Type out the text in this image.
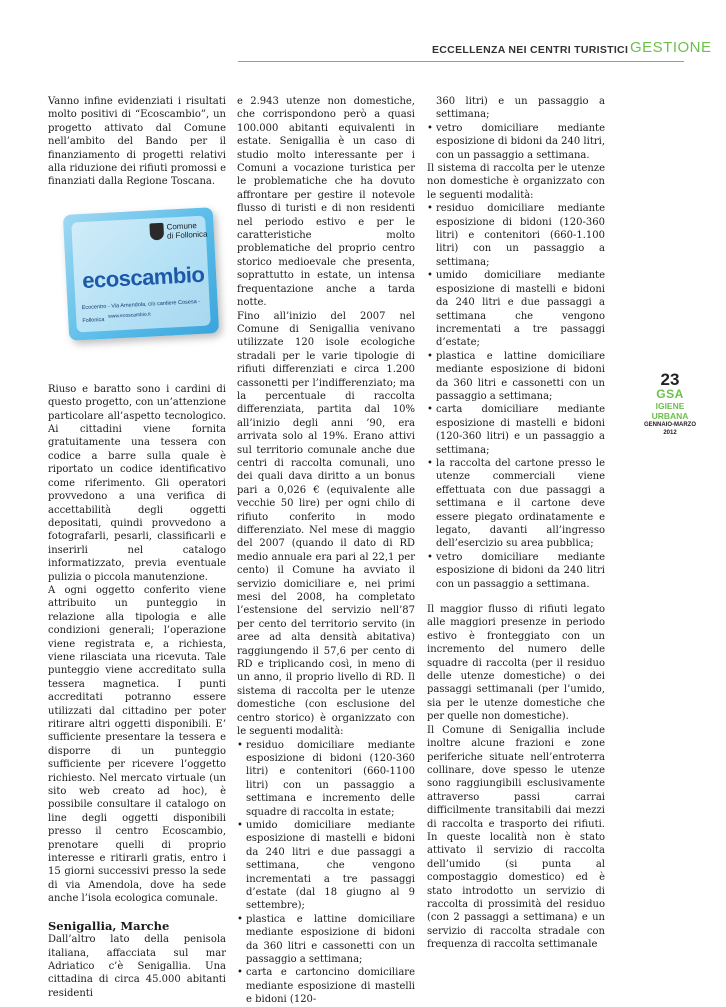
ECCELLENZA NEI CENTRI TURISTICI GESTIONE

Vanno infine evidenziati i risultati molto positivi di “Ecoscambio”, un progetto attivato dal Comune nell’ambito del Bando per il finanziamento di progetti relativi alla riduzione dei rifiuti promossi e finanziati dalla Regione Toscana.

Comune
di Follonica
ecoscambio
Ecocentro - Via Amendola, c/o cantiere Cosesa - Follonica
www.ecoscambio.it

Riuso e baratto sono i cardini di questo progetto, con un’attenzione particolare all’aspetto tecnologico. Ai cittadini viene fornita gratuitamente una tessera con codice a barre sulla quale è riportato un codice identificativo come riferimento. Gli operatori provvedono a una verifica di accettabilità degli oggetti depositati, quindi provvedono a fotografarli, pesarli, classificarli e inserirli nel catalogo informatizzato, previa eventuale pulizia o piccola manutenzione.

A ogni oggetto conferito viene attribuito un punteggio in relazione alla tipologia e alle condizioni generali; l’operazione viene registrata e, a richiesta, viene rilasciata una ricevuta. Tale punteggio viene accreditato sulla tessera magnetica. I punti accreditati potranno essere utilizzati dal cittadino per poter ritirare altri oggetti disponibili. E’ sufficiente presentare la tessera e disporre di un punteggio sufficiente per ricevere l’oggetto richiesto. Nel mercato virtuale (un sito web creato ad hoc), è possibile consultare il catalogo on line degli oggetti disponibili presso il centro Ecoscambio, prenotare quelli di proprio interesse e ritirarli gratis, entro i 15 giorni successivi presso la sede di via Amendola, dove ha sede anche l’isola ecologica comunale.

Senigallia, Marche

Dall’altro lato della penisola italiana, affacciata sul mar Adriatico c’è Senigallia. Una cittadina di circa 45.000 abitanti residenti

e 2.943 utenze non domestiche, che corrispondono però a quasi 100.000 abitanti equivalenti in estate. Senigallia è un caso di studio molto interessante per i Comuni a vocazione turistica per le problematiche che ha dovuto affrontare per gestire il notevole flusso di turisti e di non residenti nel periodo estivo e per le caratteristiche molto problematiche del proprio centro storico medioevale che presenta, soprattutto in estate, un intensa frequentazione anche a tarda notte.

Fino all’inizio del 2007 nel Comune di Senigallia venivano utilizzate 120 isole ecologiche stradali per le varie tipologie di rifiuti differenziati e circa 1.200 cassonetti per l’indifferenziato; ma la percentuale di raccolta differenziata, partita dal 10% all’inizio degli anni ’90, era arrivata solo al 19%. Erano attivi sul territorio comunale anche due centri di raccolta comunali, uno dei quali dava diritto a un bonus pari a 0,026 € (equivalente alle vecchie 50 lire) per ogni chilo di rifiuto conferito in modo differenziato. Nel mese di maggio del 2007 (quando il dato di RD medio annuale era pari al 22,1 per cento) il Comune ha avviato il servizio domiciliare e, nei primi mesi del 2008, ha completato l’estensione del servizio nell’87 per cento del territorio servito (in aree ad alta densità abitativa) raggiungendo il 57,6 per cento di RD e triplicando così, in meno di un anno, il proprio livello di RD. Il sistema di raccolta per le utenze domestiche (con esclusione del centro storico) è organizzato con le seguenti modalità:

• residuo domiciliare mediante esposizione di bidoni (120-360 litri) e contenitori (660-1100 litri) con un passaggio a settimana e incremento delle squadre di raccolta in estate;
• umido domiciliare mediante esposizione di mastelli e bidoni da 240 litri e due passaggi a settimana, che vengono incrementati a tre passaggi d’estate (dal 18 giugno al 9 settembre);
• plastica e lattine domiciliare mediante esposizione di bidoni da 360 litri e cassonetti con un passaggio a settimana;
• carta e cartoncino domiciliare mediante esposizione di mastelli e bidoni (120-

360 litri) e un passaggio a settimana;

• vetro domiciliare mediante esposizione di bidoni da 240 litri, con un passaggio a settimana.

Il sistema di raccolta per le utenze non domestiche è organizzato con le seguenti modalità:

• residuo domiciliare mediante esposizione di bidoni (120-360 litri) e contenitori (660-1.100 litri) con un passaggio a settimana;
• umido domiciliare mediante esposizione di mastelli e bidoni da 240 litri e due passaggi a settimana che vengono incrementati a tre passaggi d’estate;
• plastica e lattine domiciliare mediante esposizione di bidoni da 360 litri e cassonetti con un passaggio a settimana;
• carta domiciliare mediante esposizione di mastelli e bidoni (120-360 litri) e un passaggio a settimana;
• la raccolta del cartone presso le utenze commerciali viene effettuata con due passaggi a settimana e il cartone deve essere piegato ordinatamente e legato, davanti all’ingresso dell’esercizio su area pubblica;
• vetro domiciliare mediante esposizione di bidoni da 240 litri con un passaggio a settimana.

Il maggior flusso di rifiuti legato alle maggiori presenze in periodo estivo è fronteggiato con un incremento del numero delle squadre di raccolta (per il residuo delle utenze domestiche) o dei passaggi settimanali (per l’umido, sia per le utenze domestiche che per quelle non domestiche).

Il Comune di Senigallia include inoltre alcune frazioni e zone periferiche situate nell’entroterra collinare, dove spesso le utenze sono raggiungibili esclusivamente attraverso passi carrai difficilmente transitabili dai mezzi di raccolta e trasporto dei rifiuti. In queste località non è stato attivato il servizio di raccolta dell’umido (si punta al compostaggio domestico) ed è stato introdotto un servizio di raccolta di prossimità del residuo (con 2 passaggi a settimana) e un servizio di raccolta stradale con frequenza di raccolta settimanale

23
GSA
IGIENE URBANA
GENNAIO-MARZO 2012
